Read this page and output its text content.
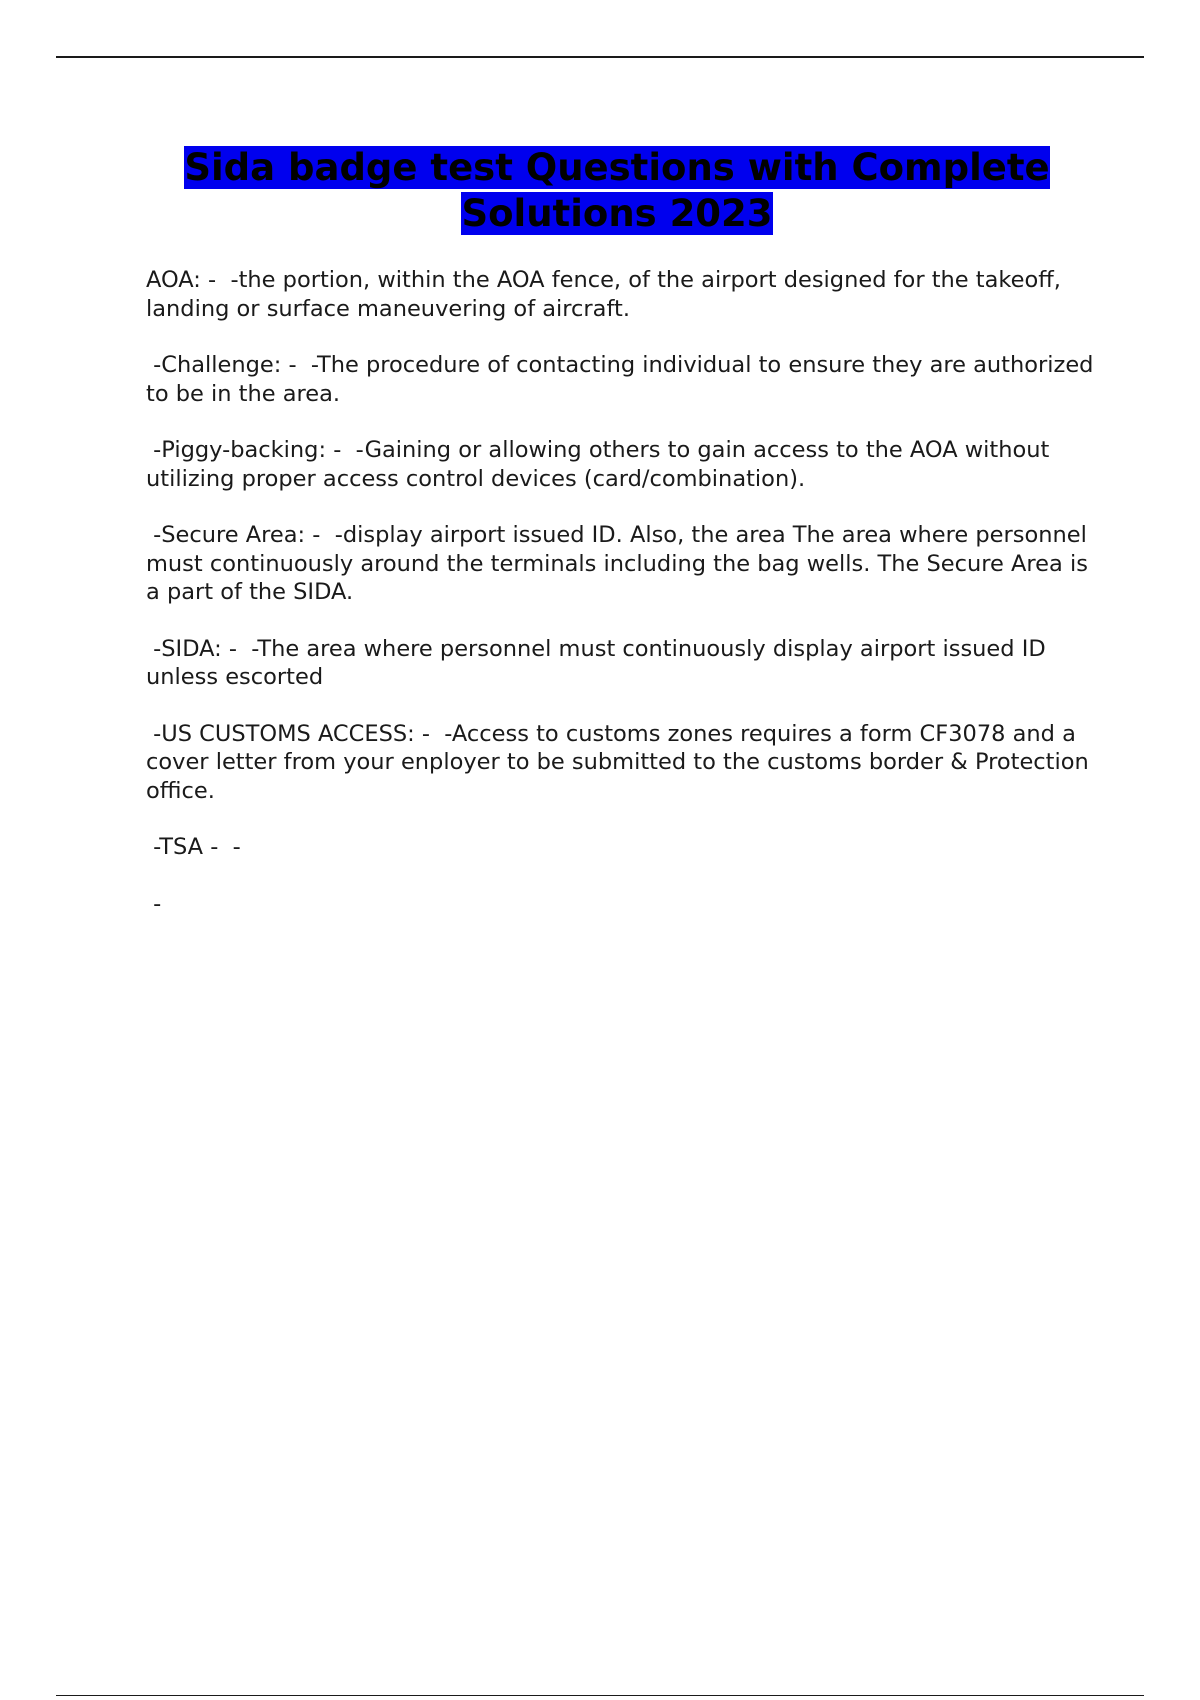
Sida badge test Questions with Complete Solutions 2023

AOA: -  -the portion, within the AOA fence, of the airport designed for the takeoff, landing or surface maneuvering of aircraft.

-Challenge: -  -The procedure of contacting individual to ensure they are authorized to be in the area.

-Piggy-backing: -  -Gaining or allowing others to gain access to the AOA without utilizing proper access control devices (card/combination).

-Secure Area: -  -display airport issued ID. Also, the area The area where personnel must continuously around the terminals including the bag wells. The Secure Area is a part of the SIDA.

-SIDA: -  -The area where personnel must continuously display airport issued ID unless escorted

-US CUSTOMS ACCESS: -  -Access to customs zones requires a form CF3078 and a cover letter from your enployer to be submitted to the customs border & Protection office.

-TSA -  -

-
